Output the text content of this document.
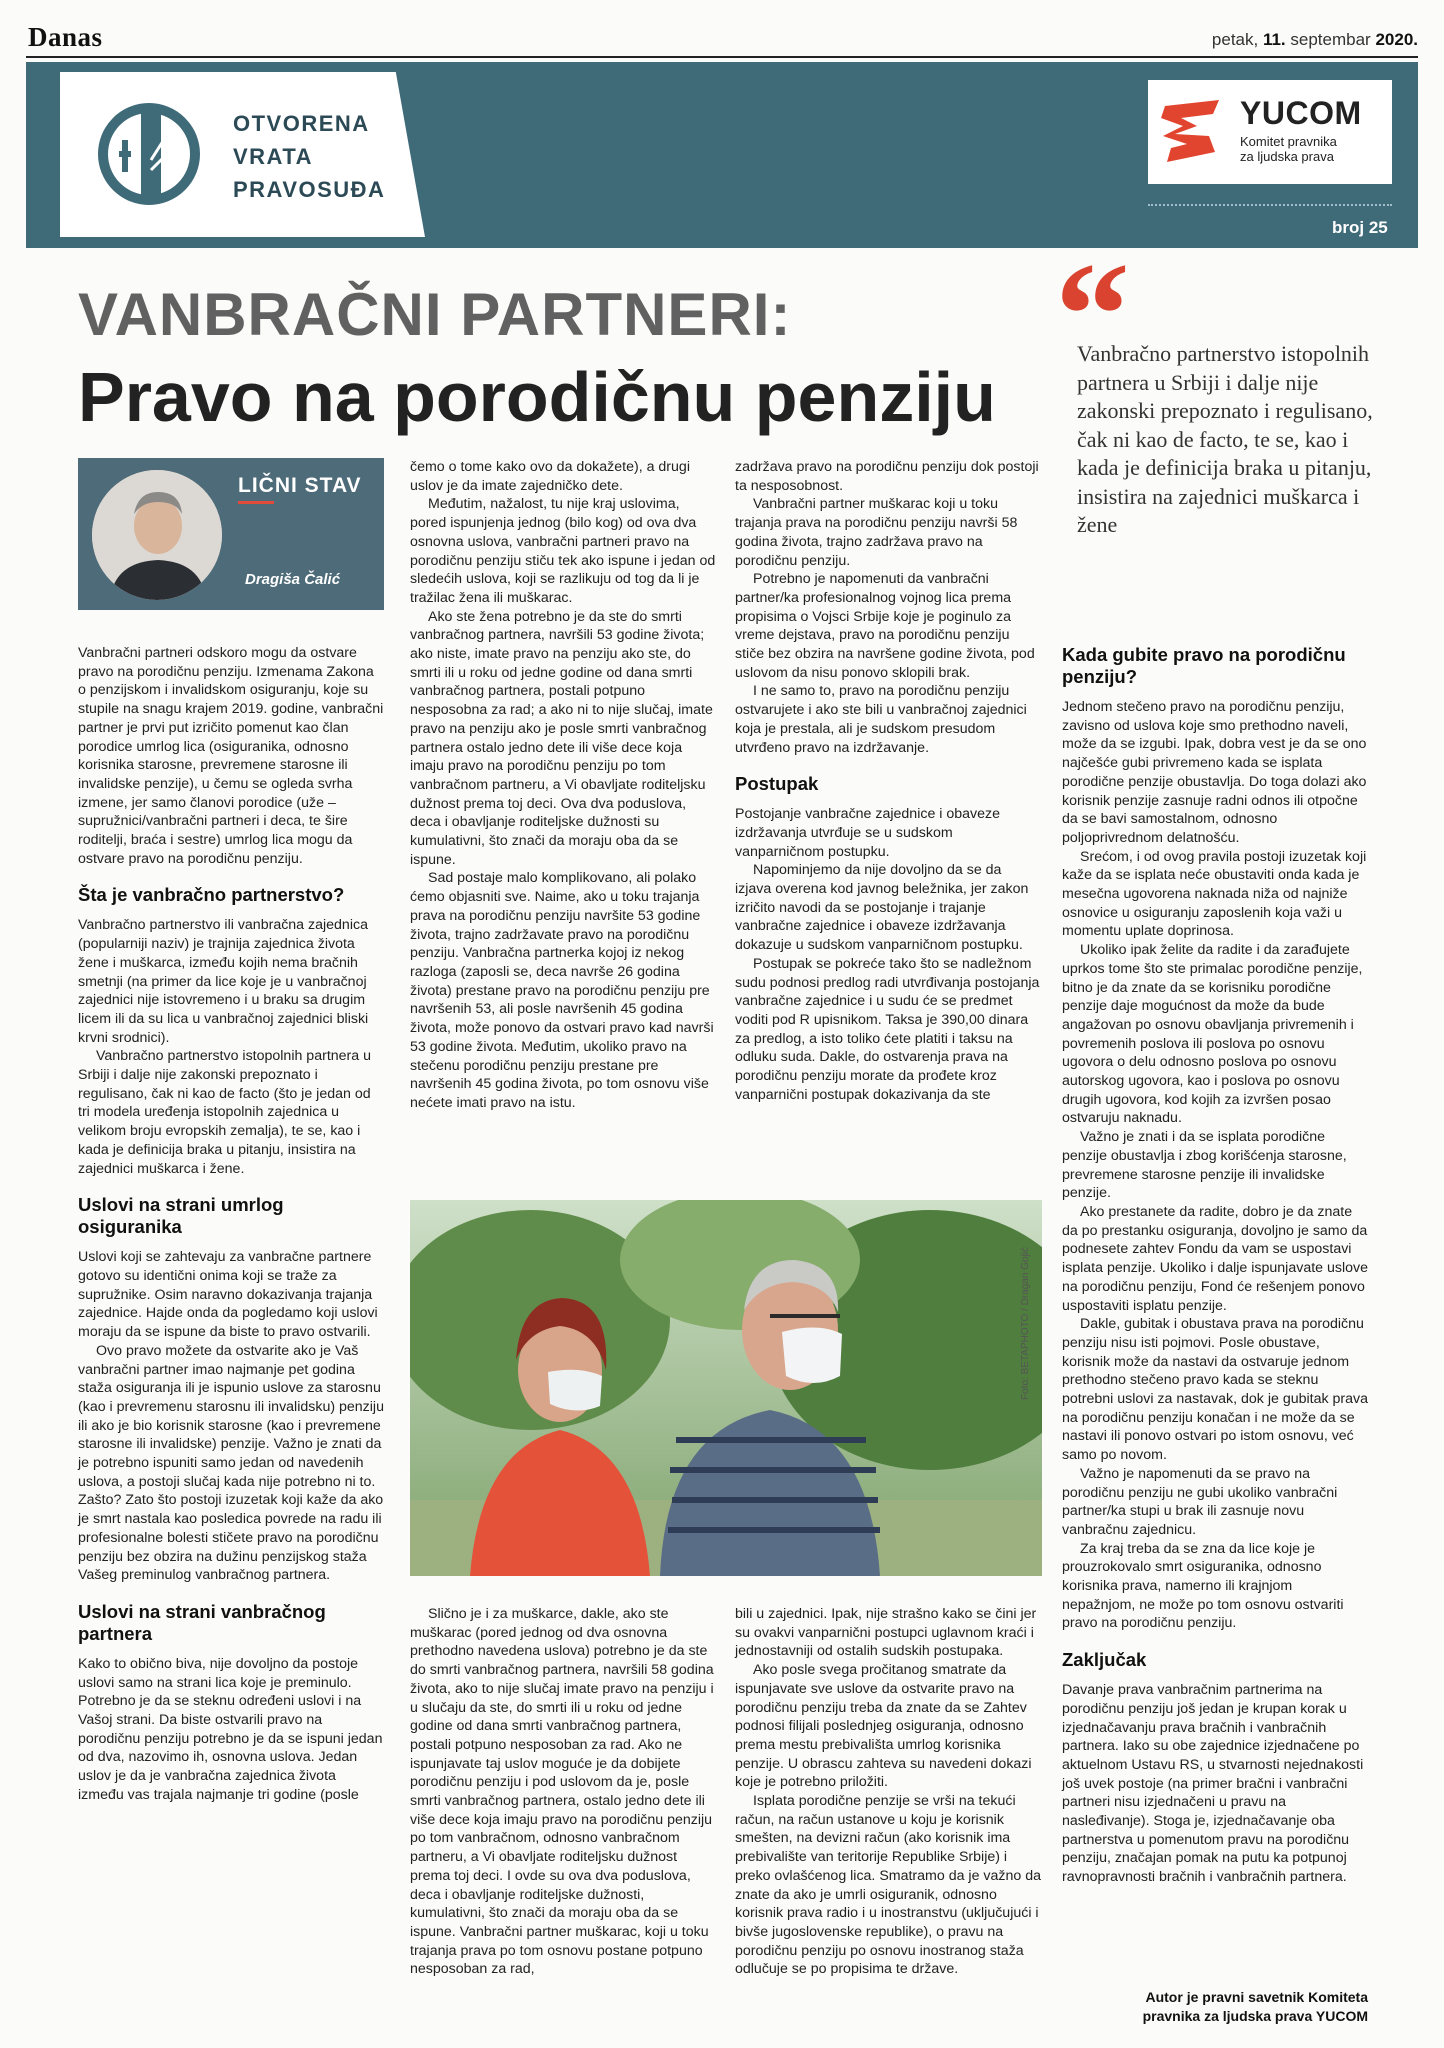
Danas	petak, 11. septembar 2020.
OTVORENA
VRATA
PRAVOSUĐA
YUCOM
Komitet pravnika
za ljudska prava
broj 25
VANBRAČNI PARTNERI:
Pravo na porodičnu penziju
LIČNI STAV
Dragiša Čalić

Vanbračni partneri odskoro mogu da ostvare pravo na porodičnu penziju. Izmenama Zakona o penzijskom i invalidskom osiguranju, koje su stupile na snagu krajem 2019. godine, vanbračni partner je prvi put izričito pomenut kao član porodice umrlog lica (osiguranika, odnosno korisnika starosne, prevremene starosne ili invalidske penzije), u čemu se ogleda svrha izmene, jer samo članovi porodice (uže – supružnici/vanbračni partneri i deca, te šire roditelji, braća i sestre) umrlog lica mogu da ostvare pravo na porodičnu penziju.

Šta je vanbračno partnerstvo?

Vanbračno partnerstvo ili vanbračna zajednica (popularniji naziv) je trajnija zajednica života žene i muškarca, između kojih nema bračnih smetnji (na primer da lice koje je u vanbračnoj zajednici nije istovremeno i u braku sa drugim licem ili da su lica u vanbračnoj zajednici bliski krvni srodnici).

Vanbračno partnerstvo istopolnih partnera u Srbiji i dalje nije zakonski prepoznato i regulisano, čak ni kao de facto (što je jedan od tri modela uređenja istopolnih zajednica u velikom broju evropskih zemalja), te se, kao i kada je definicija braka u pitanju, insistira na zajednici muškarca i žene.

Uslovi na strani umrlog osiguranika

Uslovi koji se zahtevaju za vanbračne partnere gotovo su identični onima koji se traže za supružnike. Osim naravno dokazivanja trajanja zajednice. Hajde onda da pogledamo koji uslovi moraju da se ispune da biste to pravo ostvarili.

Ovo pravo možete da ostvarite ako je Vaš vanbračni partner imao najmanje pet godina staža osiguranja ili je ispunio uslove za starosnu (kao i prevremenu starosnu ili invalidsku) penziju ili ako je bio korisnik starosne (kao i prevremene starosne ili invalidske) penzije. Važno je znati da je potrebno ispuniti samo jedan od navedenih uslova, a postoji slučaj kada nije potrebno ni to. Zašto? Zato što postoji izuzetak koji kaže da ako je smrt nastala kao posledica povrede na radu ili profesionalne bolesti stičete pravo na porodičnu penziju bez obzira na dužinu penzijskog staža Vašeg preminulog vanbračnog partnera.

Uslovi na strani vanbračnog partnera

Kako to obično biva, nije dovoljno da postoje uslovi samo na strani lica koje je preminulo. Potrebno je da se steknu određeni uslovi i na Vašoj strani. Da biste ostvarili pravo na porodičnu penziju potrebno je da se ispuni jedan od dva, nazovimo ih, osnovna uslova. Jedan uslov je da je vanbračna zajednica života između vas trajala najmanje tri godine (posle

čemo o tome kako ovo da dokažete), a drugi uslov je da imate zajedničko dete.

Međutim, nažalost, tu nije kraj uslovima, pored ispunjenja jednog (bilo kog) od ova dva osnovna uslova, vanbračni partneri pravo na porodičnu penziju stiču tek ako ispune i jedan od sledećih uslova, koji se razlikuju od tog da li je tražilac žena ili muškarac.

Ako ste žena potrebno je da ste do smrti vanbračnog partnera, navršili 53 godine života; ako niste, imate pravo na penziju ako ste, do smrti ili u roku od jedne godine od dana smrti vanbračnog partnera, postali potpuno nesposobna za rad; a ako ni to nije slučaj, imate pravo na penziju ako je posle smrti vanbračnog partnera ostalo jedno dete ili više dece koja imaju pravo na porodičnu penziju po tom vanbračnom partneru, a Vi obavljate roditeljsku dužnost prema toj deci. Ova dva poduslova, deca i obavljanje roditeljske dužnosti su kumulativni, što znači da moraju oba da se ispune.

Sad postaje malo komplikovano, ali polako ćemo objasniti sve. Naime, ako u toku trajanja prava na porodičnu penziju navršite 53 godine života, trajno zadržavate pravo na porodičnu penziju. Vanbračna partnerka kojoj iz nekog razloga (zaposli se, deca navrše 26 godina života) prestane pravo na porodičnu penziju pre navršenih 53, ali posle navršenih 45 godina života, može ponovo da ostvari pravo kad navrši 53 godine života. Međutim, ukoliko pravo na stečenu porodičnu penziju prestane pre navršenih 45 godina života, po tom osnovu više nećete imati pravo na istu.

zadržava pravo na porodičnu penziju dok postoji ta nesposobnost.

Vanbračni partner muškarac koji u toku trajanja prava na porodičnu penziju navrši 58 godina života, trajno zadržava pravo na porodičnu penziju.

Potrebno je napomenuti da vanbračni partner/ka profesionalnog vojnog lica prema propisima o Vojsci Srbije koje je poginulo za vreme dejstava, pravo na porodičnu penziju stiče bez obzira na navršene godine života, pod uslovom da nisu ponovo sklopili brak.

I ne samo to, pravo na porodičnu penziju ostvarujete i ako ste bili u vanbračnoj zajednici koja je prestala, ali je sudskom presudom utvrđeno pravo na izdržavanje.

Postupak

Postojanje vanbračne zajednice i obaveze izdržavanja utvrđuje se u sudskom vanparničnom postupku.

Napominjemo da nije dovoljno da se da izjava overena kod javnog beležnika, jer zakon izričito navodi da se postojanje i trajanje vanbračne zajednice i obaveze izdržavanja dokazuje u sudskom vanparničnom postupku.

Postupak se pokreće tako što se nadležnom sudu podnosi predlog radi utvrđivanja postojanja vanbračne zajednice i u sudu će se predmet voditi pod R upisnikom. Taksa je 390,00 dinara za predlog, a isto toliko ćete platiti i taksu na odluku suda. Dakle, do ostvarenja prava na porodičnu penziju morate da prođete kroz vanparnični postupak dokazivanja da ste

Foto: BETAPHOTO / Dragan Gojić

Slično je i za muškarce, dakle, ako ste muškarac (pored jednog od dva osnovna prethodno navedena uslova) potrebno je da ste do smrti vanbračnog partnera, navršili 58 godina života, ako to nije slučaj imate pravo na penziju i u slučaju da ste, do smrti ili u roku od jedne godine od dana smrti vanbračnog partnera, postali potpuno nesposoban za rad. Ako ne ispunjavate taj uslov moguće je da dobijete porodičnu penziju i pod uslovom da je, posle smrti vanbračnog partnera, ostalo jedno dete ili više dece koja imaju pravo na porodičnu penziju po tom vanbračnom, odnosno vanbračnom partneru, a Vi obavljate roditeljsku dužnost prema toj deci. I ovde su ova dva poduslova, deca i obavljanje roditeljske dužnosti, kumulativni, što znači da moraju oba da se ispune. Vanbračni partner muškarac, koji u toku trajanja prava po tom osnovu postane potpuno nesposoban za rad,

bili u zajednici. Ipak, nije strašno kako se čini jer su ovakvi vanparnični postupci uglavnom kraći i jednostavniji od ostalih sudskih postupaka.

Ako posle svega pročitanog smatrate da ispunjavate sve uslove da ostvarite pravo na porodičnu penziju treba da znate da se Zahtev podnosi filijali poslednjeg osiguranja, odnosno prema mestu prebivališta umrlog korisnika penzije. U obrascu zahteva su navedeni dokazi koje je potrebno priložiti.

Isplata porodične penzije se vrši na tekući račun, na račun ustanove u koju je korisnik smešten, na devizni račun (ako korisnik ima prebivalište van teritorije Republike Srbije) i preko ovlašćenog lica. Smatramo da je važno da znate da ako je umrli osiguranik, odnosno korisnik prava radio i u inostranstvu (uključujući i bivše jugoslovenske republike), o pravu na porodičnu penziju po osnovu inostranog staža odlučuje se po propisima te države.

“
Vanbračno partnerstvo istopolnih partnera u Srbiji i dalje nije zakonski prepoznato i regulisano, čak ni kao de facto, te se, kao i kada je definicija braka u pitanju, insistira na zajednici muškarca i žene
Kada gubite pravo na porodičnu penziju?

Jednom stečeno pravo na porodičnu penziju, zavisno od uslova koje smo prethodno naveli, može da se izgubi. Ipak, dobra vest je da se ono najčešće gubi privremeno kada se isplata porodične penzije obustavlja. Do toga dolazi ako korisnik penzije zasnuje radni odnos ili otpočne da se bavi samostalnom, odnosno poljoprivrednom delatnošću.

Srećom, i od ovog pravila postoji izuzetak koji kaže da se isplata neće obustaviti onda kada je mesečna ugovorena naknada niža od najniže osnovice u osiguranju zaposlenih koja važi u momentu uplate doprinosa.

Ukoliko ipak želite da radite i da zarađujete uprkos tome što ste primalac porodične penzije, bitno je da znate da se korisniku porodične penzije daje mogućnost da može da bude angažovan po osnovu obavljanja privremenih i povremenih poslova ili poslova po osnovu ugovora o delu odnosno poslova po osnovu autorskog ugovora, kao i poslova po osnovu drugih ugovora, kod kojih za izvršen posao ostvaruju naknadu.

Važno je znati i da se isplata porodične penzije obustavlja i zbog korišćenja starosne, prevremene starosne penzije ili invalidske penzije.

Ako prestanete da radite, dobro je da znate da po prestanku osiguranja, dovoljno je samo da podnesete zahtev Fondu da vam se uspostavi isplata penzije. Ukoliko i dalje ispunjavate uslove na porodičnu penziju, Fond će rešenjem ponovo uspostaviti isplatu penzije.

Dakle, gubitak i obustava prava na porodičnu penziju nisu isti pojmovi. Posle obustave, korisnik može da nastavi da ostvaruje jednom prethodno stečeno pravo kada se steknu potrebni uslovi za nastavak, dok je gubitak prava na porodičnu penziju konačan i ne može da se nastavi ili ponovo ostvari po istom osnovu, već samo po novom.

Važno je napomenuti da se pravo na porodičnu penziju ne gubi ukoliko vanbračni partner/ka stupi u brak ili zasnuje novu vanbračnu zajednicu.

Za kraj treba da se zna da lice koje je prouzrokovalo smrt osiguranika, odnosno korisnika prava, namerno ili krajnjom nepažnjom, ne može po tom osnovu ostvariti pravo na porodičnu penziju.

Zaključak

Davanje prava vanbračnim partnerima na porodičnu penziju još jedan je krupan korak u izjednačavanju prava bračnih i vanbračnih partnera. Iako su obe zajednice izjednačene po aktuelnom Ustavu RS, u stvarnosti nejednakosti još uvek postoje (na primer bračni i vanbračni partneri nisu izjednačeni u pravu na nasleđivanje). Stoga je, izjednačavanje oba partnerstva u pomenutom pravu na porodičnu penziju, značajan pomak na putu ka potpunoj ravnopravnosti bračnih i vanbračnih partnera.

Autor je pravni savetnik Komiteta
pravnika za ljudska prava YUCOM
